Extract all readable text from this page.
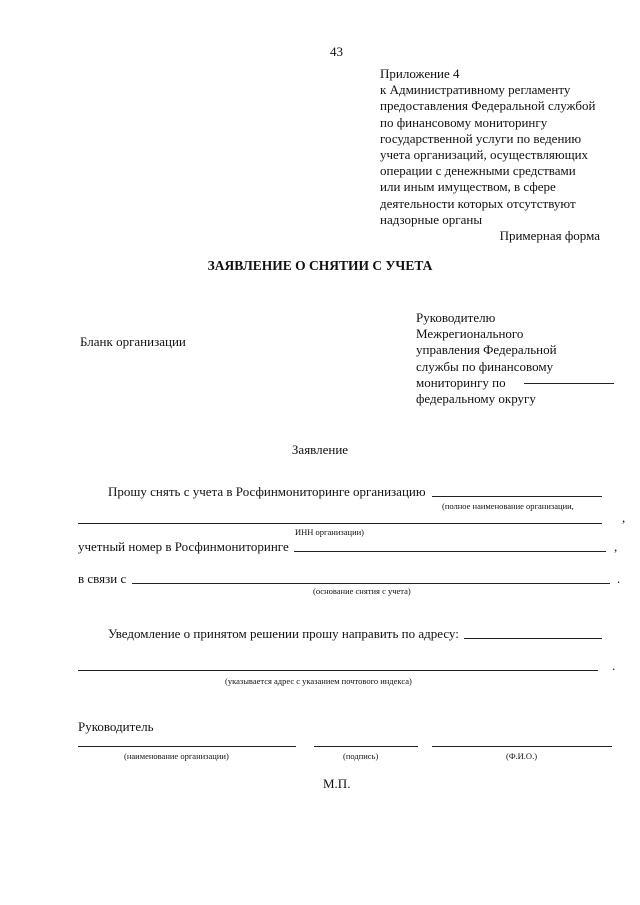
43
Приложение 4
к Административному регламенту
предоставления Федеральной службой
по финансовому мониторингу
государственной услуги по ведению
учета организаций, осуществляющих
операции с денежными средствами
или иным имуществом, в сфере
деятельности которых отсутствуют
надзорные органы
Примерная форма
ЗАЯВЛЕНИЕ О СНЯТИИ С УЧЕТА
Бланк организации
Руководителю
Межрегионального
управления Федеральной
службы по финансовому
мониторингу по
федеральному округу
Заявление
Прошу снять с учета в Росфинмониторинге организацию
(полное наименование организации,
,
ИНН организации)
учетный номер в Росфинмониторинге	,
в связи с	.
(основание снятия с учета)
Уведомление о принятом решении прошу направить по адресу:
.
(указывается адрес с указанием почтового индекса)
Руководитель
(наименование организации)	(подпись)	(Ф.И.О.)
М.П.
